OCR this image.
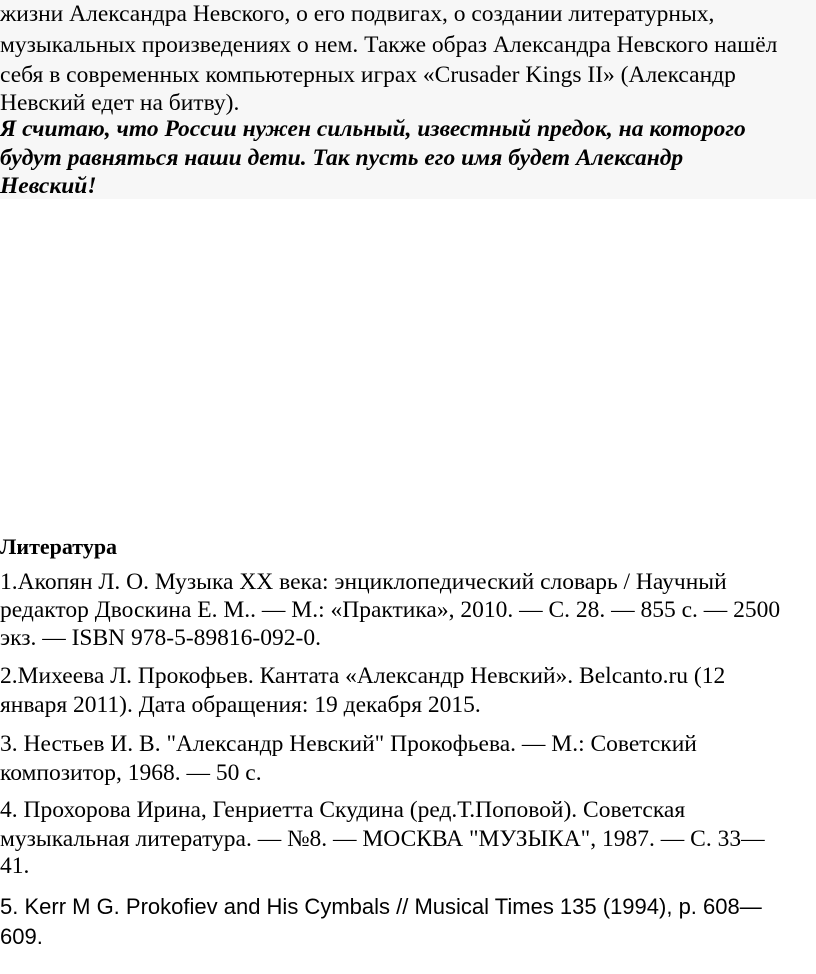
жизни Александра Невского, о его подвигах, о создании литературных,
музыкальных произведениях о нем. Также образ Александра Невского нашёл
себя в современных компьютерных играх «Crusader Kings II» (Александр
Невский едет на битву).
Я считаю, что России нужен сильный, известный предок, на которого
будут равняться наши дети. Так пусть его имя будет Александр
Невский!
Литература
1.Акопян Л. О. Музыка XX века: энциклопедический словарь / Научный
редактор Двоскина Е. М.. — М.: «Практика», 2010. — С. 28. — 855 с. — 2500
экз. — ISBN 978-5-89816-092-0.
2.Михеева Л. Прокофьев. Кантата «Александр Невский». Belcanto.ru (12
января 2011). Дата обращения: 19 декабря 2015.
3. Нестьев И. В. "Александр Невский" Прокофьева. — М.: Советский
композитор, 1968. — 50 с.
4. Прохорова Ирина, Генриетта Скудина (ред.Т.Поповой). Советская
музыкальная литература. — №8. — МОСКВА "МУЗЫКА", 1987. — С. 33—
41.
5. Kerr M G. Prokofiev and His Cymbals // Musical Times 135 (1994), p. 608—
609.
